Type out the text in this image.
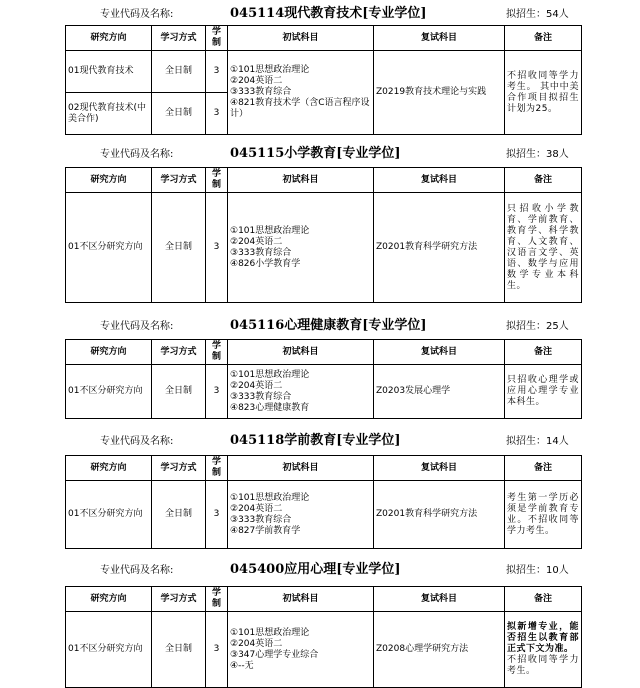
专业代码及名称:	045114现代教育技术[专业学位]	拟招生：54人
研究方向	学习方式	学制	初试科目	复试科目	备注
01现代教育技术	全日制	3	①101思想政治理论
②204英语二
③333教育综合
④821教育技术学（含C语言程序设计）	Z0219教育技术理论与实践	不招收同等学力考生。 其中中美合作项目拟招生计划为25。
02现代教育技术(中美合作)	全日制	3			
专业代码及名称:	045115小学教育[专业学位]	拟招生：38人
研究方向	学习方式	学制	初试科目	复试科目	备注
01不区分研究方向	全日制	3	①101思想政治理论
②204英语二
③333教育综合
④826小学教育学	Z0201教育科学研究方法	只招收小学教育、学前教育、教育学、科学教育、人文教育、汉语言文学、英语、数学与应用数学专业本科生。
专业代码及名称:	045116心理健康教育[专业学位]	拟招生：25人
研究方向	学习方式	学制	初试科目	复试科目	备注
01不区分研究方向	全日制	3	①101思想政治理论
②204英语二
③333教育综合
④823心理健康教育	Z0203发展心理学	只招收心理学或应用心理学专业本科生。
专业代码及名称:	045118学前教育[专业学位]	拟招生：14人
研究方向	学习方式	学制	初试科目	复试科目	备注
01不区分研究方向	全日制	3	①101思想政治理论
②204英语二
③333教育综合
④827学前教育学	Z0201教育科学研究方法	考生第一学历必须是学前教育专业。不招收同等学力考生。
专业代码及名称:	045400应用心理[专业学位]	拟招生：10人
研究方向	学习方式	学制	初试科目	复试科目	备注
01不区分研究方向	全日制	3	①101思想政治理论
②204英语二
③347心理学专业综合
④--无	Z0208心理学研究方法	拟新增专业，能否招生以教育部正式下文为准。
不招收同等学力考生。
